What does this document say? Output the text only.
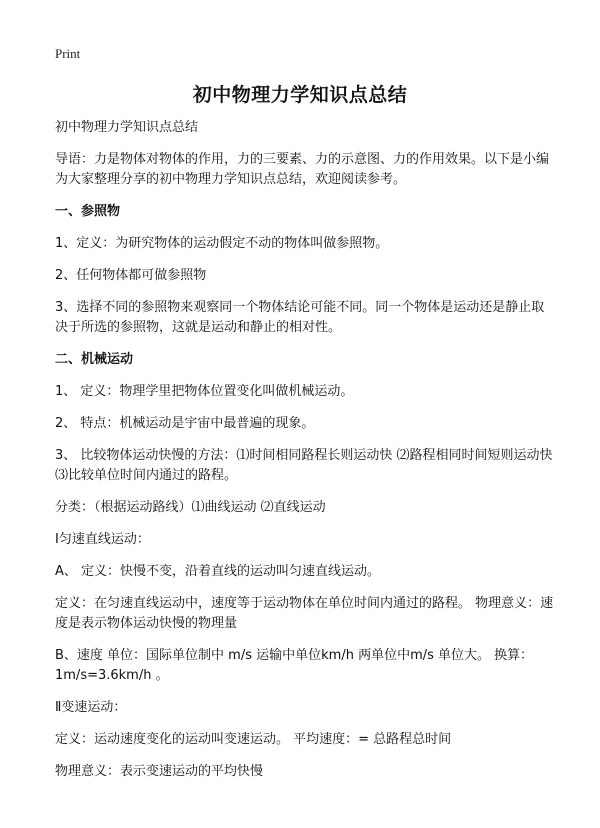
Print
初中物理力学知识点总结

初中物理力学知识点总结

导语：力是物体对物体的作用，力的三要素、力的示意图、力的作用效果。以下是小编为大家整理分享的初中物理力学知识点总结，欢迎阅读参考。

一、参照物

1、定义：为研究物体的运动假定不动的物体叫做参照物。

2、任何物体都可做参照物

3、选择不同的参照物来观察同一个物体结论可能不同。同一个物体是运动还是静止取决于所选的参照物，这就是运动和静止的相对性。

二、机械运动

1、 定义：物理学里把物体位置变化叫做机械运动。

2、 特点：机械运动是宇宙中最普遍的现象。

3、 比较物体运动快慢的方法：⑴时间相同路程长则运动快 ⑵路程相同时间短则运动快 ⑶比较单位时间内通过的路程。

分类：（根据运动路线）⑴曲线运动 ⑵直线运动

Ⅰ匀速直线运动：

A、 定义：快慢不变，沿着直线的运动叫匀速直线运动。

定义：在匀速直线运动中，速度等于运动物体在单位时间内通过的路程。 物理意义：速度是表示物体运动快慢的物理量

B、速度 单位：国际单位制中 m/s 运输中单位km/h 两单位中m/s 单位大。 换算：1m/s=3.6km/h 。

Ⅱ变速运动：

定义：运动速度变化的运动叫变速运动。 平均速度：= 总路程总时间

物理意义：表示变速运动的平均快慢
